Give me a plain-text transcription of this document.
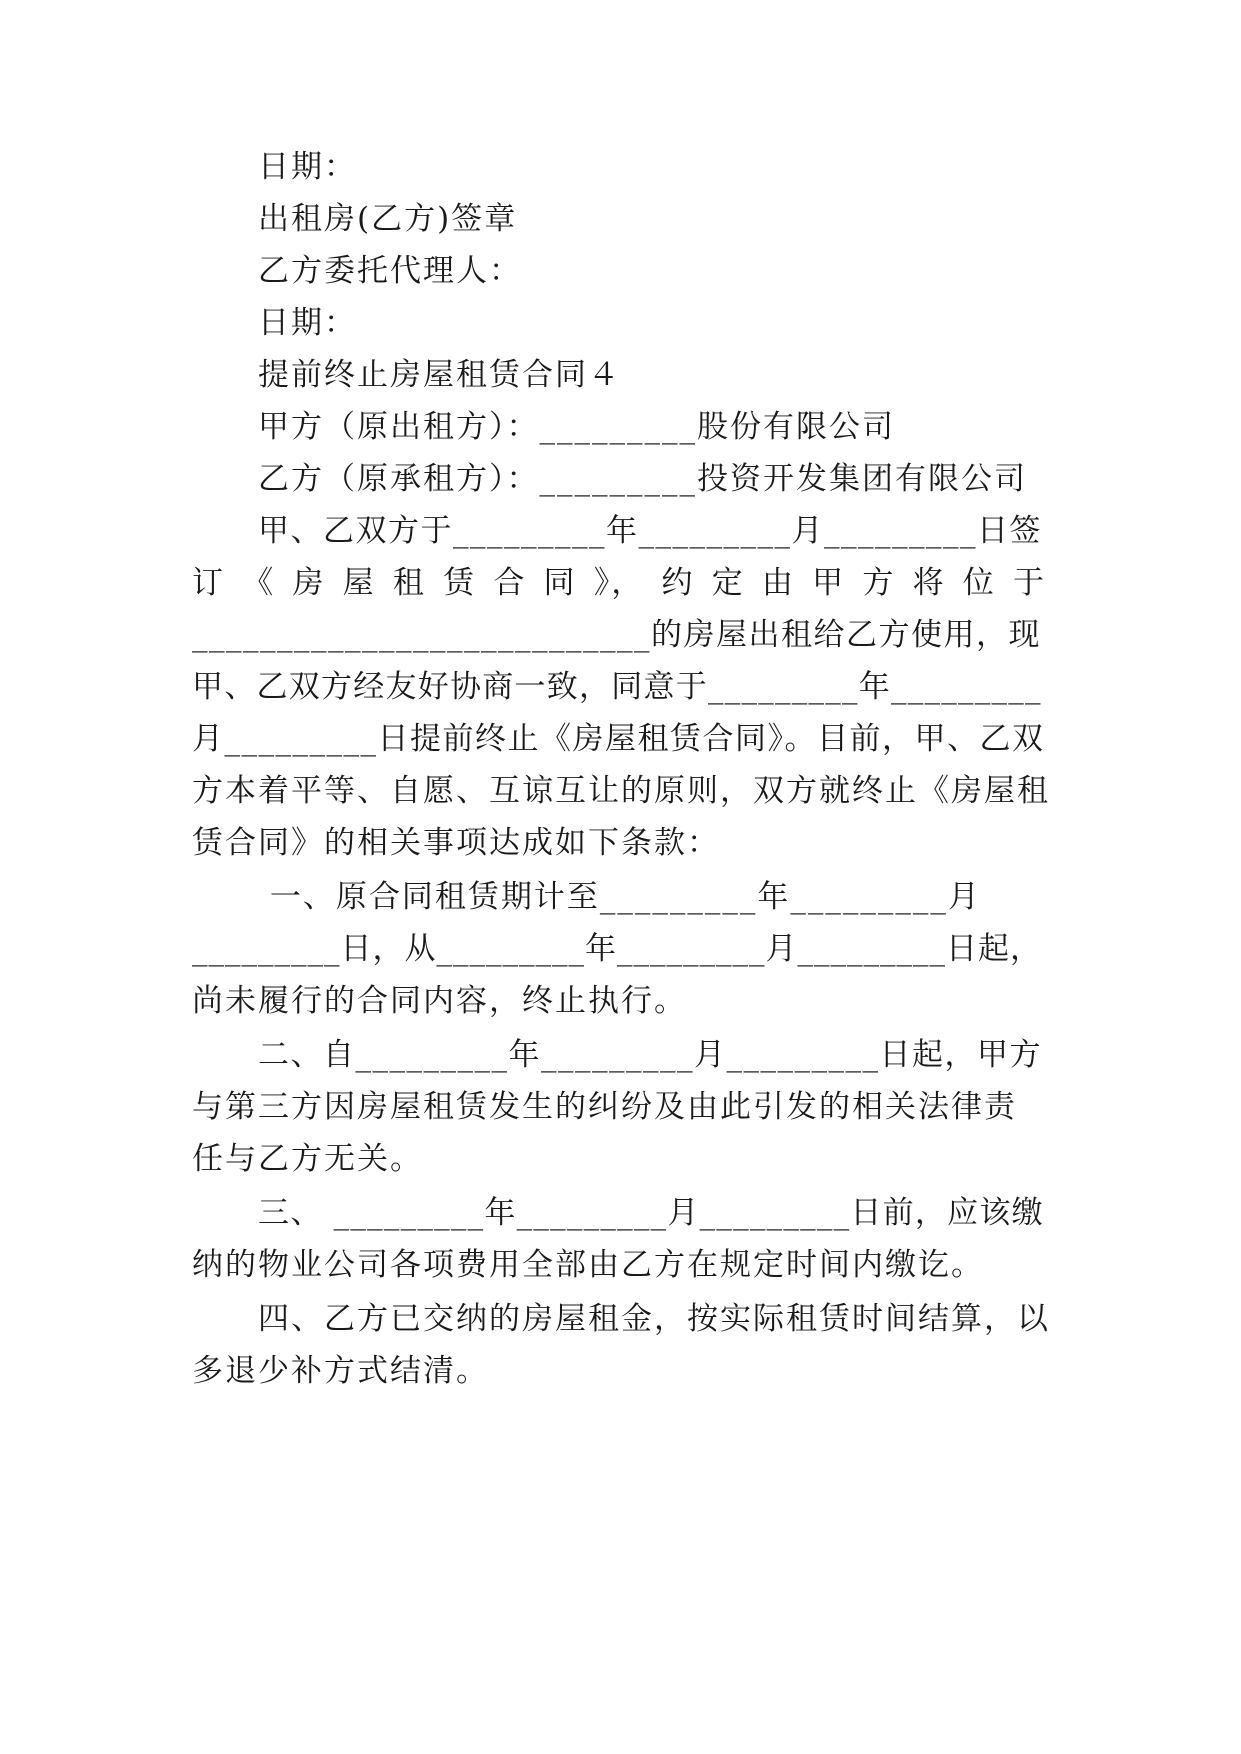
日期：
出租房(乙方)签章
乙方委托代理人：
日期：
提前终止房屋租赁合同４
甲方（原出租方）：_________股份有限公司
乙方（原承租方）：_________投资开发集团有限公司
甲、乙双方于_________年_________月_________日签
订 《 房 屋 租 赁 合 同 》， 约 定 由 甲 方 将 位 于
___________________________的房屋出租给乙方使用，现
甲、乙双方经友好协商一致，同意于_________年_________
月_________日提前终止《房屋租赁合同》。目前，甲、乙双
方本着平等、自愿、互谅互让的原则，双方就终止《房屋租
赁合同》的相关事项达成如下条款：
一、原合同租赁期计至_________年_________月
_________日，从_________年_________月_________日起，
尚未履行的合同内容，终止执行。
二、自_________年_________月_________日起，甲方
与第三方因房屋租赁发生的纠纷及由此引发的相关法律责
任与乙方无关。
三、 _________年_________月_________日前，应该缴
纳的物业公司各项费用全部由乙方在规定时间内缴讫。
四、乙方已交纳的房屋租金，按实际租赁时间结算，以
多退少补方式结清。
